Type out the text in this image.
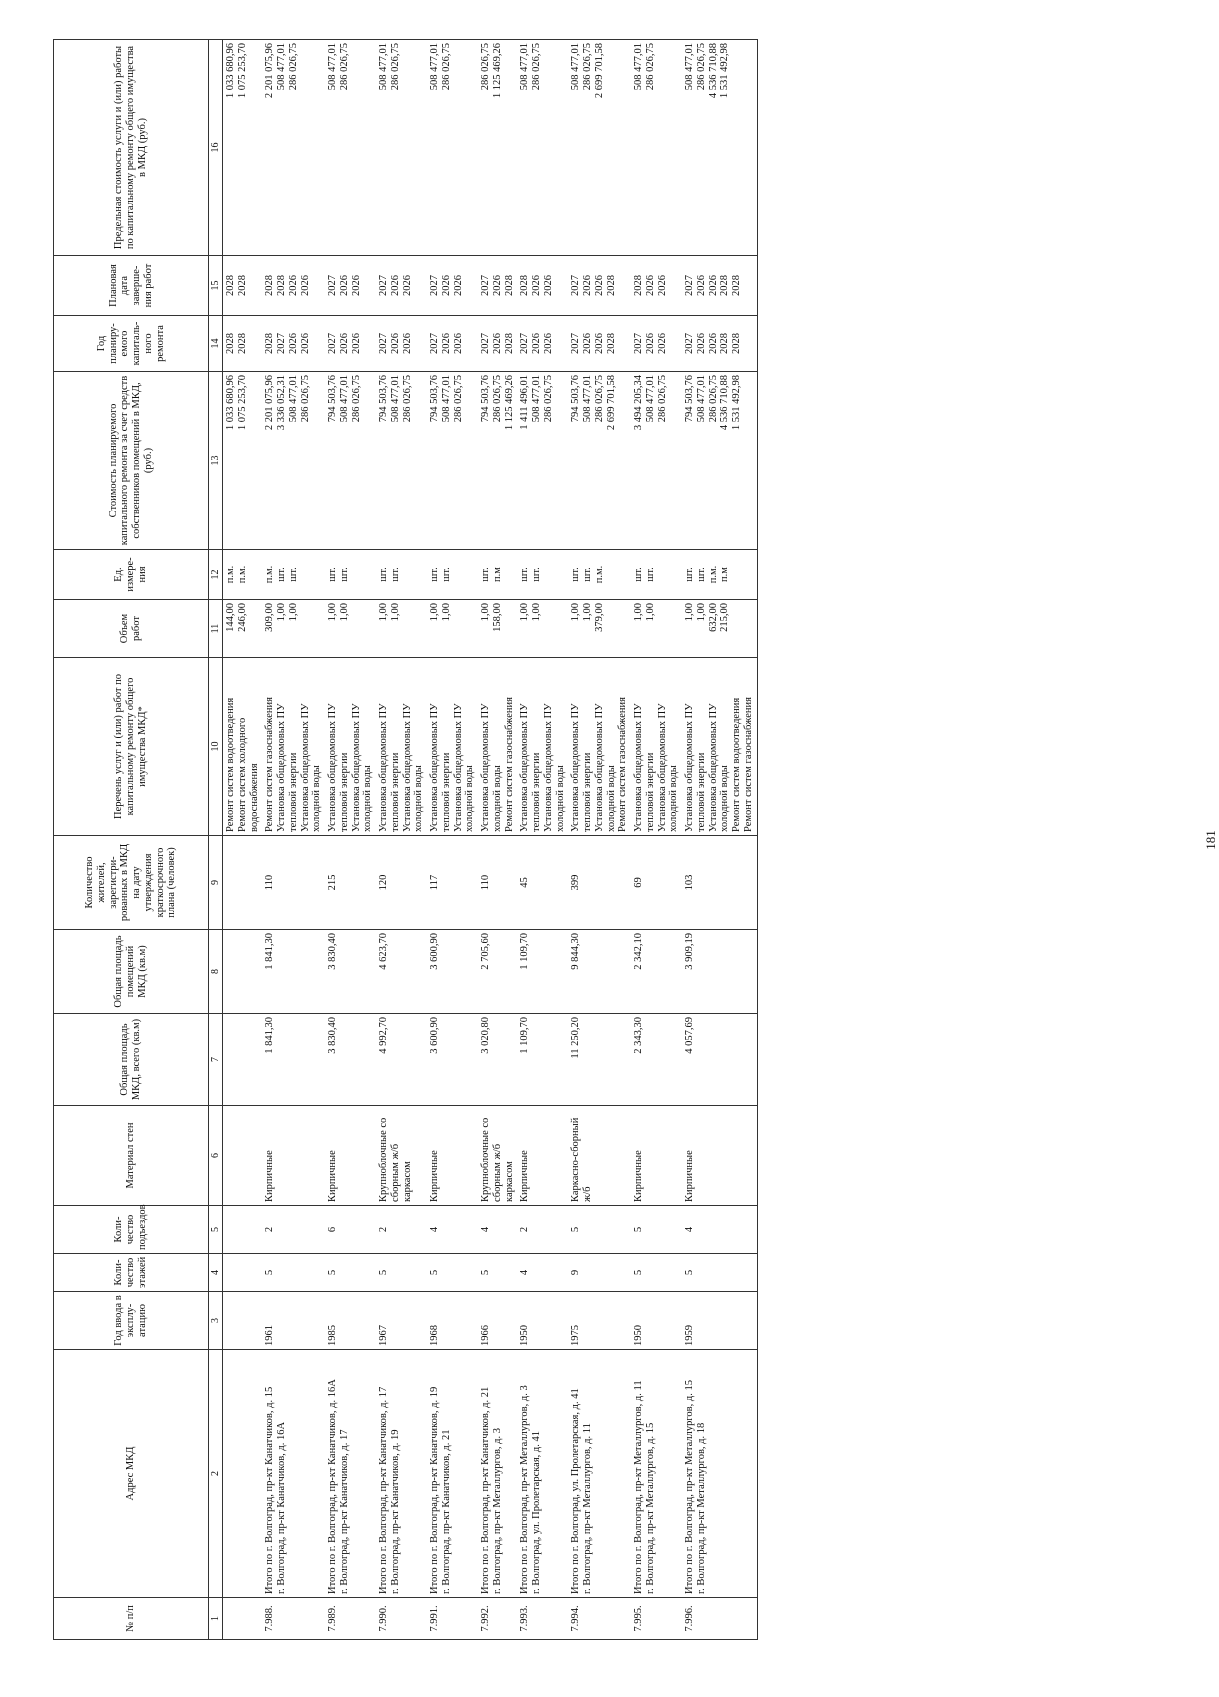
№ п/п	Адрес МКД	Год ввода в эксплу-атацию	Коли-чество этажей	Коли-чество подъездов	Материал стен	Общая площадь МКД, всего (кв.м)	Общая площадь помещений МКД (кв.м)	Количество жителей, зарегистри-рованных в МКД на дату утверждения краткосрочного плана (человек)	Перечень услуг и (или) работ по капитальному ремонту общего имущества МКД*	Объем работ	Ед. измере-ния	Стоимость планируемого капитального ремонта за счет средств собственников помещений в МКД, (руб.)	Год планиру-емого капиталь-ного ремонта	Плановая дата заверше-ния работ	Предельная стоимость услуги и (или) работы по капитальному ремонту общего имущества в МКД (руб.)
1	2	3	4	5	6	7	8	9	10	11	12	13	14	15	16

									Ремонт систем водоотведения Ремонт систем холодного водоснабжения	144,00 246,00	п.м. п.м.	1 033 680,96 1 075 253,70	2028 2028	2028 2028	1 033 680,96 1 075 253,70

7.988.	Итого по г. Волгоград, пр-кт Канатчиков, д. 15 г. Волгоград, пр-кт Канатчиков, д. 16А	1961	5	2	Кирпичные	1 841,30	1 841,30	110	Ремонт систем газоснабжения Установка общедомовых ПУ тепловой энергии Установка общедомовых ПУ холодной воды	309,00 1,00 1,00	п.м. шт. шт.	2 201 075,96 3 336 052,31 508 477,01 286 026,75	2028 2027 2026 2026	2028 2028 2026 2026	2 201 075,96 508 477,01 286 026,75

7.989.	Итого по г. Волгоград, пр-кт Канатчиков, д. 16А г. Волгоград, пр-кт Канатчиков, д. 17	1985	5	6	Кирпичные	3 830,40	3 830,40	215	Установка общедомовых ПУ тепловой энергии Установка общедомовых ПУ холодной воды	1,00 1,00	шт. шт.	794 503,76 508 477,01 286 026,75	2027 2026 2026	2027 2026 2026	508 477,01 286 026,75

7.990.	Итого по г. Волгоград, пр-кт Канатчиков, д. 17 г. Волгоград, пр-кт Канатчиков, д. 19	1967	5	2	Крупноблочные со сборным ж/б каркасом	4 992,70	4 623,70	120	Установка общедомовых ПУ тепловой энергии Установка общедомовых ПУ холодной воды	1,00 1,00	шт. шт.	794 503,76 508 477,01 286 026,75	2027 2026 2026	2027 2026 2026	508 477,01 286 026,75

7.991.	Итого по г. Волгоград, пр-кт Канатчиков, д. 19 г. Волгоград, пр-кт Канатчиков, д. 21	1968	5	4	Кирпичные	3 600,90	3 600,90	117	Установка общедомовых ПУ тепловой энергии Установка общедомовых ПУ холодной воды	1,00 1,00	шт. шт.	794 503,76 508 477,01 286 026,75	2027 2026 2026	2027 2026 2026	508 477,01 286 026,75

7.992.	Итого по г. Волгоград, пр-кт Канатчиков, д. 21 г. Волгоград, пр-кт Металлургов, д. 3	1966	5	4	Крупноблочные со сборным ж/б каркасом	3 020,80	2 705,60	110	Установка общедомовых ПУ холодной воды Ремонт систем газоснабжения	1,00 158,00	шт. п.м	794 503,76 286 026,75 1 125 469,26	2027 2026 2028	2027 2026 2028	286 026,75 1 125 469,26

7.993.	Итого по г. Волгоград, пр-кт Металлургов, д. 3 г. Волгоград, ул. Пролетарская, д. 41	1950	4	2	Кирпичные	1 109,70	1 109,70	45	Установка общедомовых ПУ тепловой энергии Установка общедомовых ПУ холодной воды	1,00 1,00	шт. шт.	1 411 496,01 508 477,01 286 026,75	2027 2026 2026	2028 2026 2026	508 477,01 286 026,75

7.994.	Итого по г. Волгоград, ул. Пролетарская, д. 41 г. Волгоград, пр-кт Металлургов, д. 11	1975	9	5	Каркасно-сборный ж/б	11 250,20	9 844,30	399	Установка общедомовых ПУ тепловой энергии Установка общедомовых ПУ холодной воды Ремонт систем газоснабжения	1,00 1,00 379,00	шт. шт. п.м.	794 503,76 508 477,01 286 026,75 2 699 701,58	2027 2026 2026 2028	2027 2026 2026 2028	508 477,01 286 026,75 2 699 701,58

7.995.	Итого по г. Волгоград, пр-кт Металлургов, д. 11 г. Волгоград, пр-кт Металлургов, д. 15	1950	5	5	Кирпичные	2 343,30	2 342,10	69	Установка общедомовых ПУ тепловой энергии Установка общедомовых ПУ холодной воды	1,00 1,00	шт. шт.	3 494 205,34 508 477,01 286 026,75	2027 2026 2026	2028 2026 2026	508 477,01 286 026,75

7.996.	Итого по г. Волгоград, пр-кт Металлургов, д. 15 г. Волгоград, пр-кт Металлургов, д. 18	1959	5	4	Кирпичные	4 057,69	3 909,19	103	Установка общедомовых ПУ тепловой энергии Установка общедомовых ПУ холодной воды Ремонт систем водоотведения Ремонт систем газоснабжения	1,00 1,00 632,00 215,00	шт. шт. п.м. п.м	794 503,76 508 477,01 286 026,75 4 536 710,88 1 531 492,98	2027 2026 2026 2028 2028	2027 2026 2026 2028 2028	508 477,01 286 026,75 4 536 710,88 1 531 492,98
181
